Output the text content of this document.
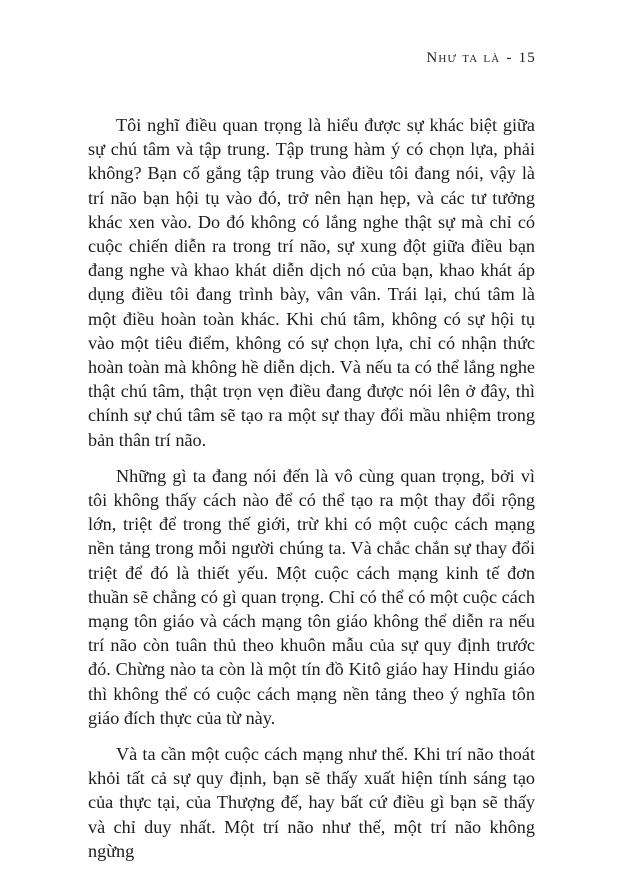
Như ta là - 15

Tôi nghĩ điều quan trọng là hiểu được sự khác biệt giữa sự chú tâm và tập trung. Tập trung hàm ý có chọn lựa, phải không? Bạn cố gắng tập trung vào điều tôi đang nói, vậy là trí não bạn hội tụ vào đó, trở nên hạn hẹp, và các tư tưởng khác xen vào. Do đó không có lắng nghe thật sự mà chỉ có cuộc chiến diễn ra trong trí não, sự xung đột giữa điều bạn đang nghe và khao khát diễn dịch nó của bạn, khao khát áp dụng điều tôi đang trình bày, vân vân. Trái lại, chú tâm là một điều hoàn toàn khác. Khi chú tâm, không có sự hội tụ vào một tiêu điểm, không có sự chọn lựa, chỉ có nhận thức hoàn toàn mà không hề diễn dịch. Và nếu ta có thể lắng nghe thật chú tâm, thật trọn vẹn điều đang được nói lên ở đây, thì chính sự chú tâm sẽ tạo ra một sự thay đổi mầu nhiệm trong bản thân trí não.

Những gì ta đang nói đến là vô cùng quan trọng, bởi vì tôi không thấy cách nào để có thể tạo ra một thay đổi rộng lớn, triệt để trong thế giới, trừ khi có một cuộc cách mạng nền tảng trong mỗi người chúng ta. Và chắc chắn sự thay đổi triệt để đó là thiết yếu. Một cuộc cách mạng kinh tế đơn thuần sẽ chẳng có gì quan trọng. Chỉ có thể có một cuộc cách mạng tôn giáo và cách mạng tôn giáo không thể diễn ra nếu trí não còn tuân thủ theo khuôn mẫu của sự quy định trước đó. Chừng nào ta còn là một tín đồ Kitô giáo hay Hindu giáo thì không thể có cuộc cách mạng nền tảng theo ý nghĩa tôn giáo đích thực của từ này.

Và ta cần một cuộc cách mạng như thế. Khi trí não thoát khỏi tất cả sự quy định, bạn sẽ thấy xuất hiện tính sáng tạo của thực tại, của Thượng đế, hay bất cứ điều gì bạn sẽ thấy và chỉ duy nhất. Một trí não như thế, một trí não không ngừng
